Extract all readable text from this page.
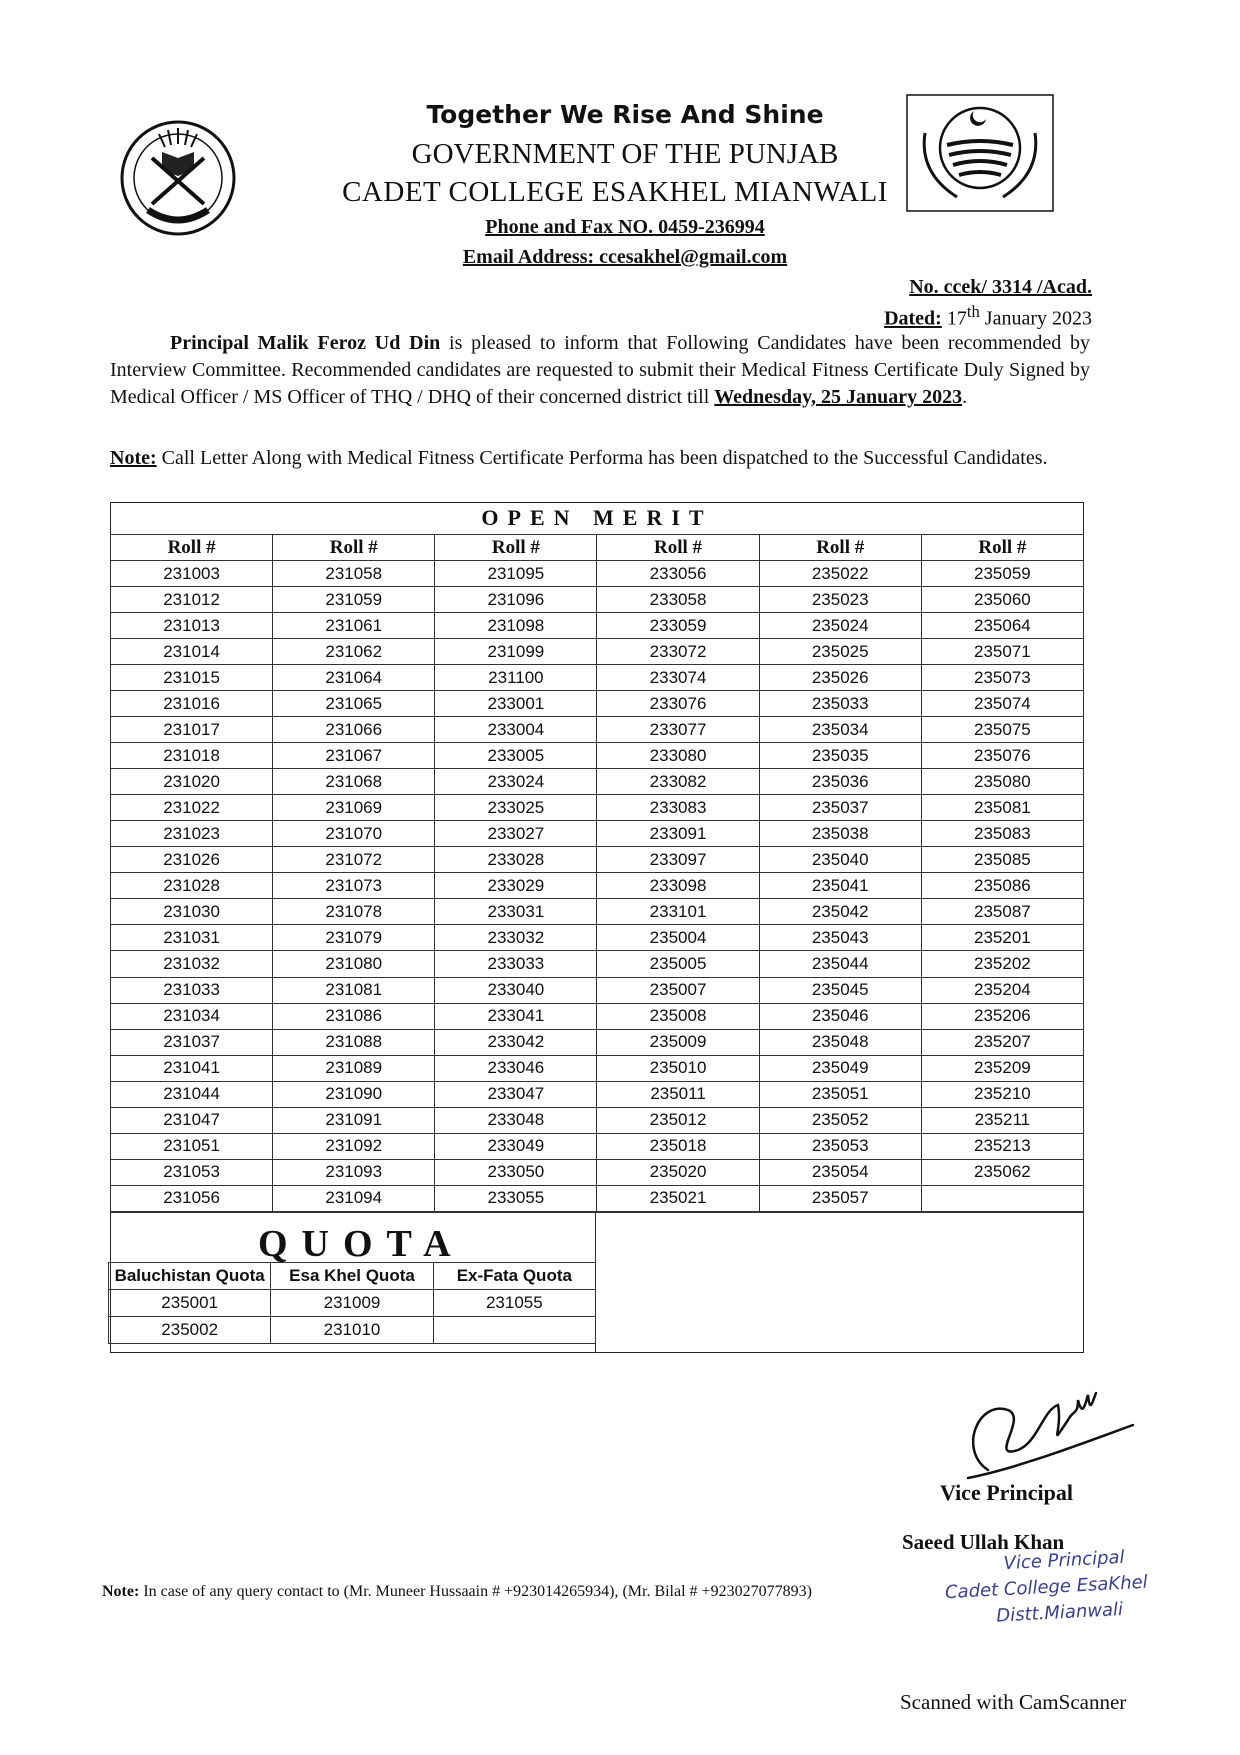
Together We Rise And Shine
GOVERNMENT OF THE PUNJAB
CADET COLLEGE ESAKHEL MIANWALI
Phone and Fax NO. 0459-236994
Email Address: ccesakhel@gmail.com
No. ccek/ 3314 /Acad.
Dated: 17th January 2023
Principal Malik Feroz Ud Din is pleased to inform that Following Candidates have been recommended by Interview Committee. Recommended candidates are requested to submit their Medical Fitness Certificate Duly Signed by Medical Officer / MS Officer of THQ / DHQ of their concerned district till Wednesday, 25 January 2023.
Note: Call Letter Along with Medical Fitness Certificate Performa has been dispatched to the Successful Candidates.
OPEN MERIT
Roll #	Roll #	Roll #	Roll #	Roll #	Roll #
231003	231058	231095	233056	235022	235059
231012	231059	231096	233058	235023	235060
231013	231061	231098	233059	235024	235064
231014	231062	231099	233072	235025	235071
231015	231064	231100	233074	235026	235073
231016	231065	233001	233076	235033	235074
231017	231066	233004	233077	235034	235075
231018	231067	233005	233080	235035	235076
231020	231068	233024	233082	235036	235080
231022	231069	233025	233083	235037	235081
231023	231070	233027	233091	235038	235083
231026	231072	233028	233097	235040	235085
231028	231073	233029	233098	235041	235086
231030	231078	233031	233101	235042	235087
231031	231079	233032	235004	235043	235201
231032	231080	233033	235005	235044	235202
231033	231081	233040	235007	235045	235204
231034	231086	233041	235008	235046	235206
231037	231088	233042	235009	235048	235207
231041	231089	233046	235010	235049	235209
231044	231090	233047	235011	235051	235210
231047	231091	233048	235012	235052	235211
231051	231092	233049	235018	235053	235213
231053	231093	233050	235020	235054	235062
231056	231094	233055	235021	235057	
QUOTA
Baluchistan Quota	Esa Khel Quota	Ex-Fata Quota
235001	231009	231055
235002	231010	
Vice Principal
Saeed Ullah Khan
Vice Principal
Cadet College EsaKhel
Distt.Mianwali
Note: In case of any query contact to (Mr. Muneer Hussaain # +923014265934), (Mr. Bilal # +923027077893)
Scanned with CamScanner
